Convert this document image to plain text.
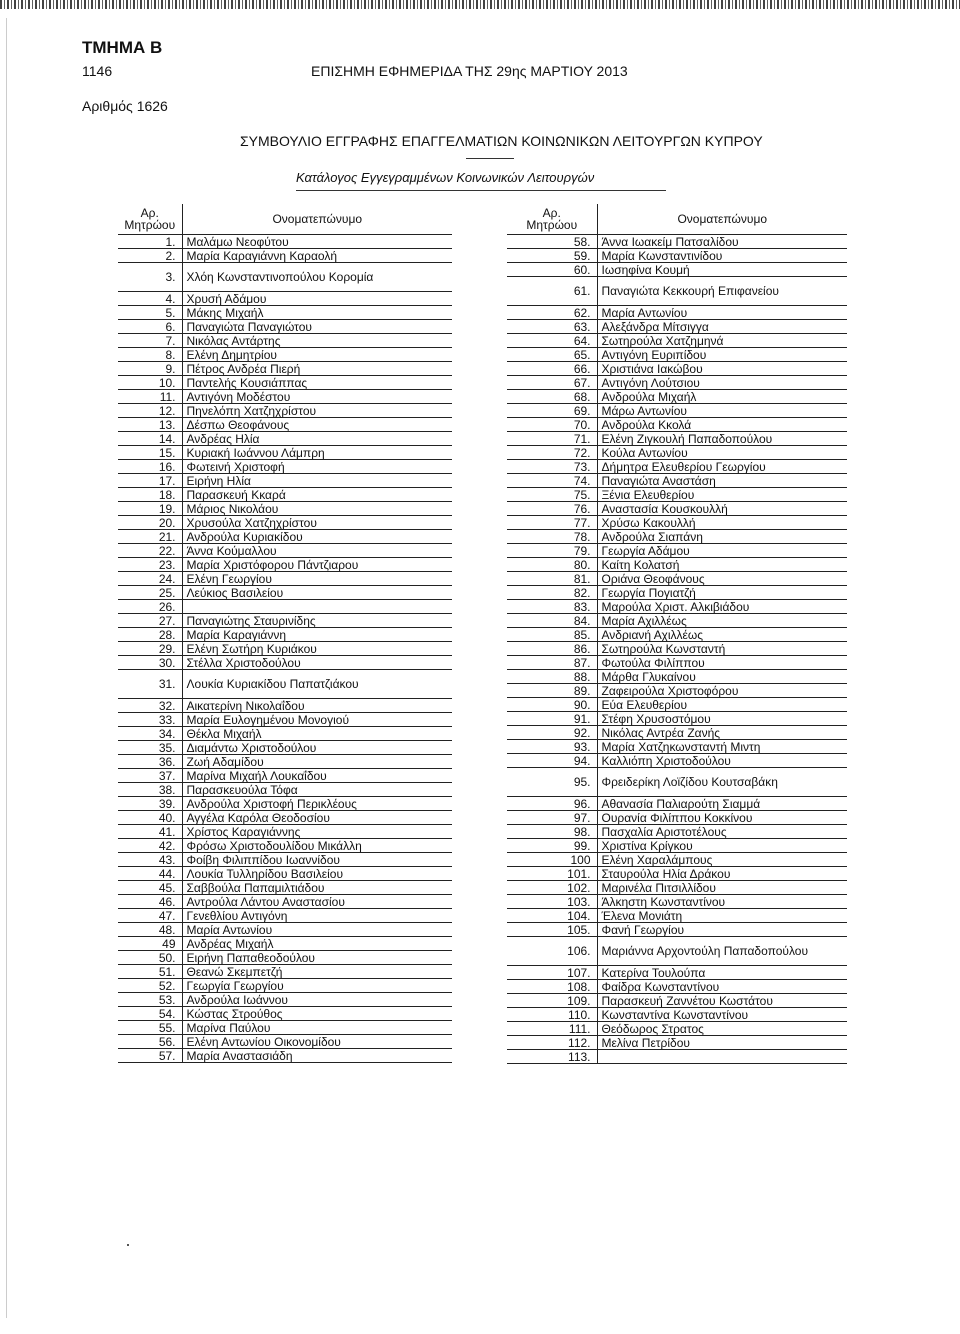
ΤΜΗΜΑ Β
1146	ΕΠΙΣΗΜΗ ΕΦΗΜΕΡΙΔΑ ΤΗΣ 29ης ΜΑΡΤΙΟΥ 2013
Αριθμός 1626
ΣΥΜΒΟΥΛΙΟ ΕΓΓΡΑΦΗΣ ΕΠΑΓΓΕΛΜΑΤΙΩΝ ΚΟΙΝΩΝΙΚΩΝ ΛΕΙΤΟΥΡΓΩΝ ΚΥΠΡΟΥ
Κατάλογος Εγγεγραμμένων Κοινωνικών Λειτουργών
Αρ.
Μητρώου	Ονοματεπώνυμο
1.	Μαλάμω Νεοφύτου
2.	Μαρία Καραγιάννη Καραολή
3.	Χλόη Κωνσταντινοπούλου Κορομία
4.	Χρυσή Αδάμου
5.	Μάκης Μιχαήλ
6.	Παναγιώτα Παναγιώτου
7.	Νικόλας Αντάρτης
8.	Ελένη Δημητρίου
9.	Πέτρος Ανδρέα Πιερή
10.	Παντελής Κουσιάππας
11.	Αντιγόνη Μοδέστου
12.	Πηνελόπη Χατζηχρίστου
13.	Δέσπω Θεοφάνους
14.	Ανδρέας Ηλία
15.	Κυριακή Ιωάννου Λάμπρη
16.	Φωτεινή Χριστοφή
17.	Ειρήνη Ηλία
18.	Παρασκευή Κκαρά
19.	Μάριος Νικολάου
20.	Χρυσούλα Χατζηχρίστου
21.	Ανδρούλα Κυριακίδου
22.	Άννα Κούμαλλου
23.	Μαρία Χριστόφορου Πάντζιαρου
24.	Ελένη Γεωργίου
25.	Λεύκιος Βασιλείου
26.	
27.	Παναγιώτης Σταυρινίδης
28.	Μαρία Καραγιάννη
29.	Ελένη Σωτήρη Κυριάκου
30.	Στέλλα Χριστοδούλου
31.	Λουκία Κυριακίδου Παπατζιάκου
32.	Αικατερίνη Νικολαΐδου
33.	Μαρία Ευλογημένου Μονογιού
34.	Θέκλα Μιχαήλ
35.	Διαμάντω Χριστοδούλου
36.	Ζωή Αδαμίδου
37.	Μαρίνα Μιχαήλ Λουκαΐδου
38.	Παρασκευούλα Τόφα
39.	Ανδρούλα Χριστοφή Περικλέους
40.	Αγγέλα Καρόλα Θεοδοσίου
41.	Χρίστος Καραγιάννης
42.	Φρόσω Χριστοδουλίδου Μικάλλη
43.	Φοίβη Φιλιππίδου Ιωαννίδου
44.	Λουκία Τυλληρίδου Βασιλείου
45.	Σαββούλα Παπαμιλτιάδου
46.	Αντρούλα Λάντου Αναστασίου
47.	Γενεθλίου Αντιγόνη
48.	Μαρία Αντωνίου
49	Ανδρέας Μιχαήλ
50.	Ειρήνη Παπαθεοδούλου
51.	Θεανώ Σκεμπετζή
52.	Γεωργία Γεωργίου
53.	Ανδρούλα Ιωάννου
54.	Κώστας Στρούθος
55.	Μαρίνα Παύλου
56.	Ελένη Αντωνίου Οικονομίδου
57.	Μαρία Αναστασιάδη
Αρ.
Μητρώου	Ονοματεπώνυμο
58.	Άννα Ιωακείμ Πατσαλίδου
59.	Μαρία Κωνσταντινίδου
60.	Ιωσηφίνα Κουμή
61.	Παναγιώτα Κεκκουρή Επιφανείου
62.	Μαρία Αντωνίου
63.	Αλεξάνδρα Μίτσιγγα
64.	Σωτηρούλα Χατζημηνά
65.	Αντιγόνη Ευριπίδου
66.	Χριστιάνα Ιακώβου
67.	Αντιγόνη Λούτσιου
68.	Ανδρούλα Μιχαήλ
69.	Μάρω Αντωνίου
70.	Ανδρούλα Κκολά
71.	Ελένη Ζιγκουλή Παπαδοπούλου
72.	Κούλα Αντωνίου
73.	Δήμητρα Ελευθερίου Γεωργίου
74.	Παναγιώτα Αναστάση
75.	Ξένια Ελευθερίου
76.	Αναστασία Κουσκουλλή
77.	Χρύσω Κακουλλή
78.	Ανδρούλα Σιαπάνη
79.	Γεωργία Αδάμου
80.	Καίτη Κολατσή
81.	Οριάνα Θεοφάνους
82.	Γεωργία Πογιατζή
83.	Μαρούλα Χριστ. Αλκιβιάδου
84.	Μαρία Αχιλλέως
85.	Ανδριανή Αχιλλέως
86.	Σωτηρούλα Κωνσταντή
87.	Φωτούλα Φιλίππου
88.	Μάρθα Γλυκαίνου
89.	Ζαφειρούλα Χριστοφόρου
90.	Εύα Ελευθερίου
91.	Στέφη Χρυσοστόμου
92.	Νικόλας Αντρέα Ζανής
93.	Μαρία Χατζηκωνσταντή Μιντη
94.	Καλλιόπη Χριστοδούλου
95.	Φρειδερίκη Λοϊζίδου Κουτσαβάκη
96.	Αθανασία Παλιαρούτη Σιαμμά
97.	Ουρανία Φιλίππου Κοκκίνου
98.	Πασχαλία Αριστοτέλους
99.	Χριστίνα Κρίγκου
100	Ελένη Χαραλάμπους
101.	Σταυρούλα Ηλία Δράκου
102.	Μαρινέλα Πιτσιλλίδου
103.	Άλκηστη Κωνσταντίνου
104.	Έλενα Μονιάτη
105.	Φανή Γεωργίου
106.	Μαριάννα Αρχοντούλη Παπαδοπούλου
107.	Κατερίνα Τουλούπα
108.	Φαίδρα Κωνσταντίνου
109.	Παρασκευή Ζαννέτου Κωστάτου
110.	Κωνσταντίνα Κωνσταντίνου
111.	Θεόδωρος Στρατος
112.	Μελίνα Πετρίδου
113.	
